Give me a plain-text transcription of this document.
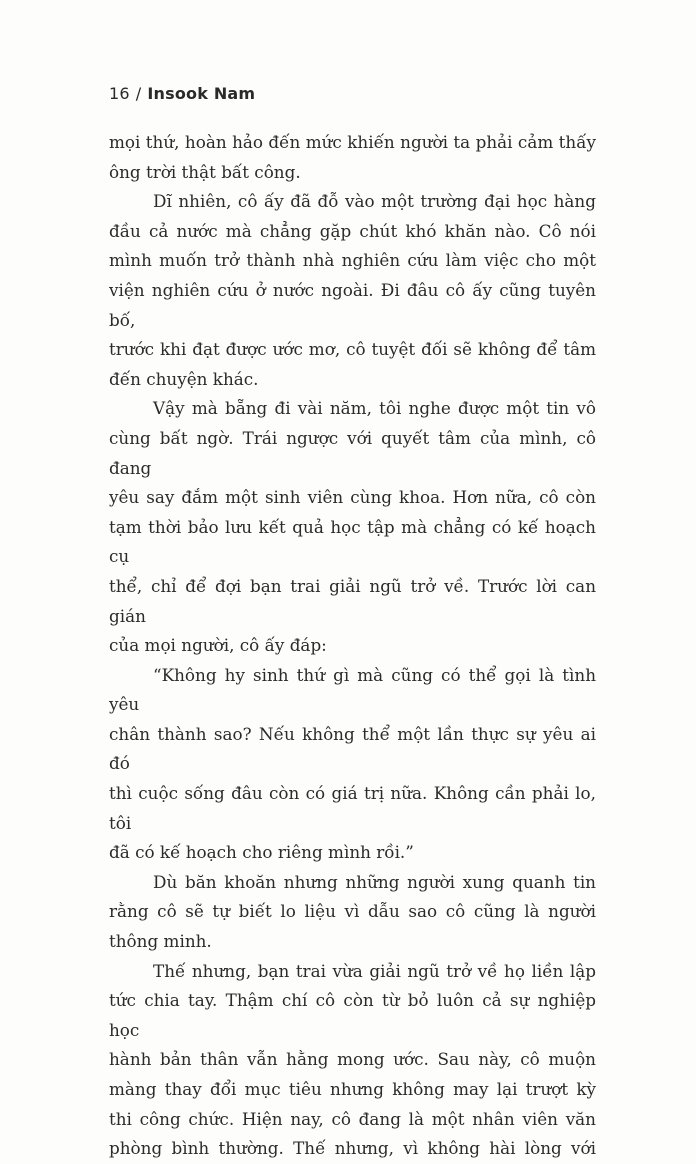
16 / Insook Nam

mọi thứ, hoàn hảo đến mức khiến người ta phải cảm thấy
ông trời thật bất công.

Dĩ nhiên, cô ấy đã đỗ vào một trường đại học hàng
đầu cả nước mà chẳng gặp chút khó khăn nào. Cô nói
mình muốn trở thành nhà nghiên cứu làm việc cho một
viện nghiên cứu ở nước ngoài. Đi đâu cô ấy cũng tuyên bố,
trước khi đạt được ước mơ, cô tuyệt đối sẽ không để tâm
đến chuyện khác.

Vậy mà bẵng đi vài năm, tôi nghe được một tin vô
cùng bất ngờ. Trái ngược với quyết tâm của mình, cô đang
yêu say đắm một sinh viên cùng khoa. Hơn nữa, cô còn
tạm thời bảo lưu kết quả học tập mà chẳng có kế hoạch cụ
thể, chỉ để đợi bạn trai giải ngũ trở về. Trước lời can gián
của mọi người, cô ấy đáp:

“Không hy sinh thứ gì mà cũng có thể gọi là tình yêu
chân thành sao? Nếu không thể một lần thực sự yêu ai đó
thì cuộc sống đâu còn có giá trị nữa. Không cần phải lo, tôi
đã có kế hoạch cho riêng mình rồi.”

Dù băn khoăn nhưng những người xung quanh tin
rằng cô sẽ tự biết lo liệu vì dẫu sao cô cũng là người
thông minh.

Thế nhưng, bạn trai vừa giải ngũ trở về họ liền lập
tức chia tay. Thậm chí cô còn từ bỏ luôn cả sự nghiệp học
hành bản thân vẫn hằng mong ước. Sau này, cô muộn
màng thay đổi mục tiêu nhưng không may lại trượt kỳ
thi công chức. Hiện nay, cô đang là một nhân viên văn
phòng bình thường. Thế nhưng, vì không hài lòng với
